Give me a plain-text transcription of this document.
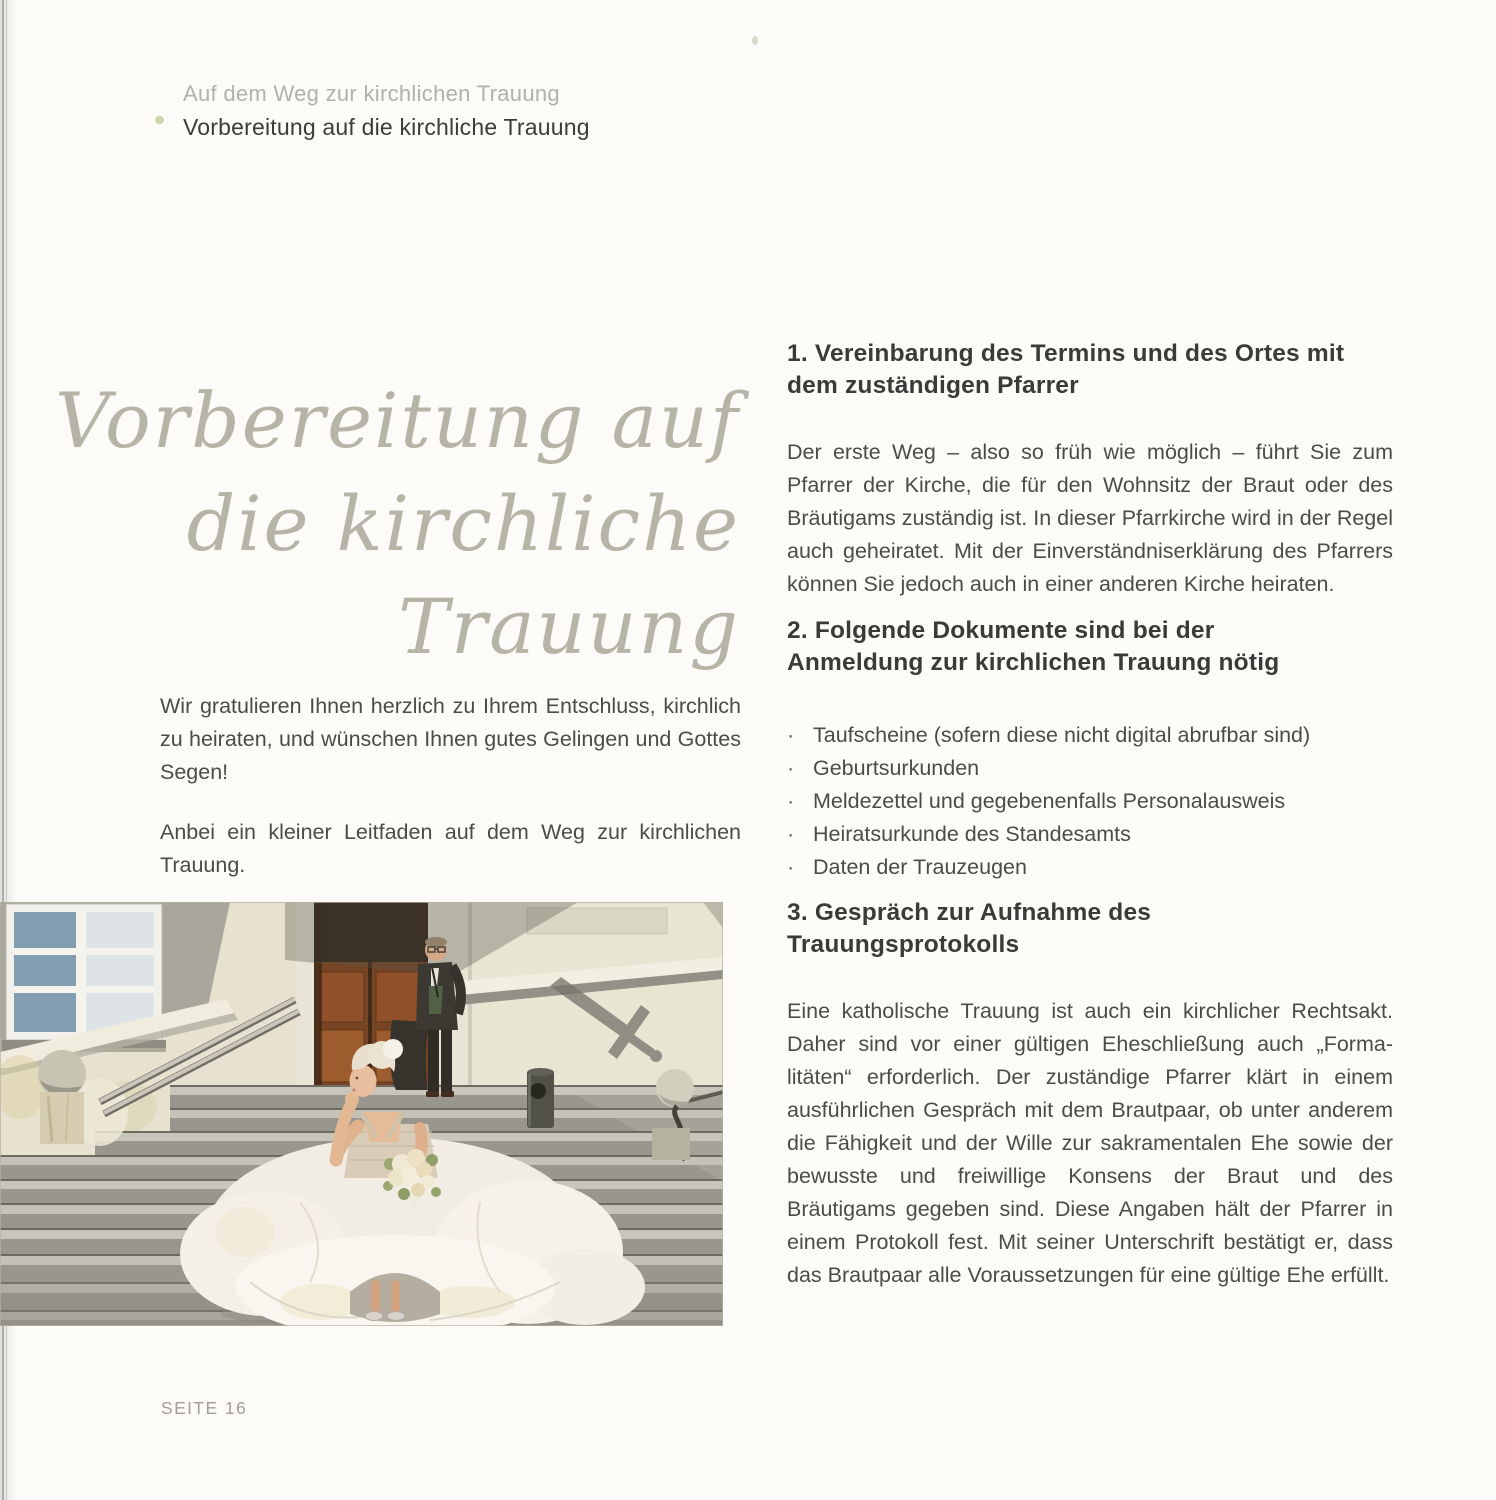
Auf dem Weg zur kirchlichen Trauung
Vorbereitung auf die kirchliche Trauung
Vorbereitung auf
die kirchliche
Trauung

Wir gratulieren Ihnen herzlich zu Ihrem Entschluss, kirchlich zu heiraten, und wünschen Ihnen gutes Gelingen und Gottes Segen!

Anbei ein kleiner Leitfaden auf dem Weg zur kirchlichen Trauung.

1. Vereinbarung des Termins und des Ortes mit dem zuständigen Pfarrer

Der erste Weg – also so früh wie möglich – führt Sie zum Pfarrer der Kirche, die für den Wohnsitz der Braut oder des Bräutigams zuständig ist. In dieser Pfarrkirche wird in der Regel auch geheiratet. Mit der Einverständniserklärung des Pfarrers können Sie jedoch auch in einer anderen Kirche heiraten.

2. Folgende Dokumente sind bei der Anmeldung zur kirchlichen Trauung nötig
· Taufscheine (sofern diese nicht digital abrufbar sind)
· Geburtsurkunden
· Meldezettel und gegebenenfalls Personalausweis
· Heiratsurkunde des Standesamts
· Daten der Trauzeugen
3. Gespräch zur Aufnahme des Trauungsprotokolls

Eine katholische Trauung ist auch ein kirchlicher Rechtsakt. Daher sind vor einer gültigen Eheschließung auch „Formalitäten“ erforderlich. Der zuständige Pfarrer klärt in einem ausführlichen Gespräch mit dem Brautpaar, ob unter anderem die Fähigkeit und der Wille zur sakramentalen Ehe sowie der bewusste und freiwillige Konsens der Braut und des Bräutigams gegeben sind. Diese Angaben hält der Pfarrer in einem Protokoll fest. Mit seiner Unterschrift bestätigt er, dass das Brautpaar alle Voraussetzungen für eine gültige Ehe erfüllt.

SEITE 16
